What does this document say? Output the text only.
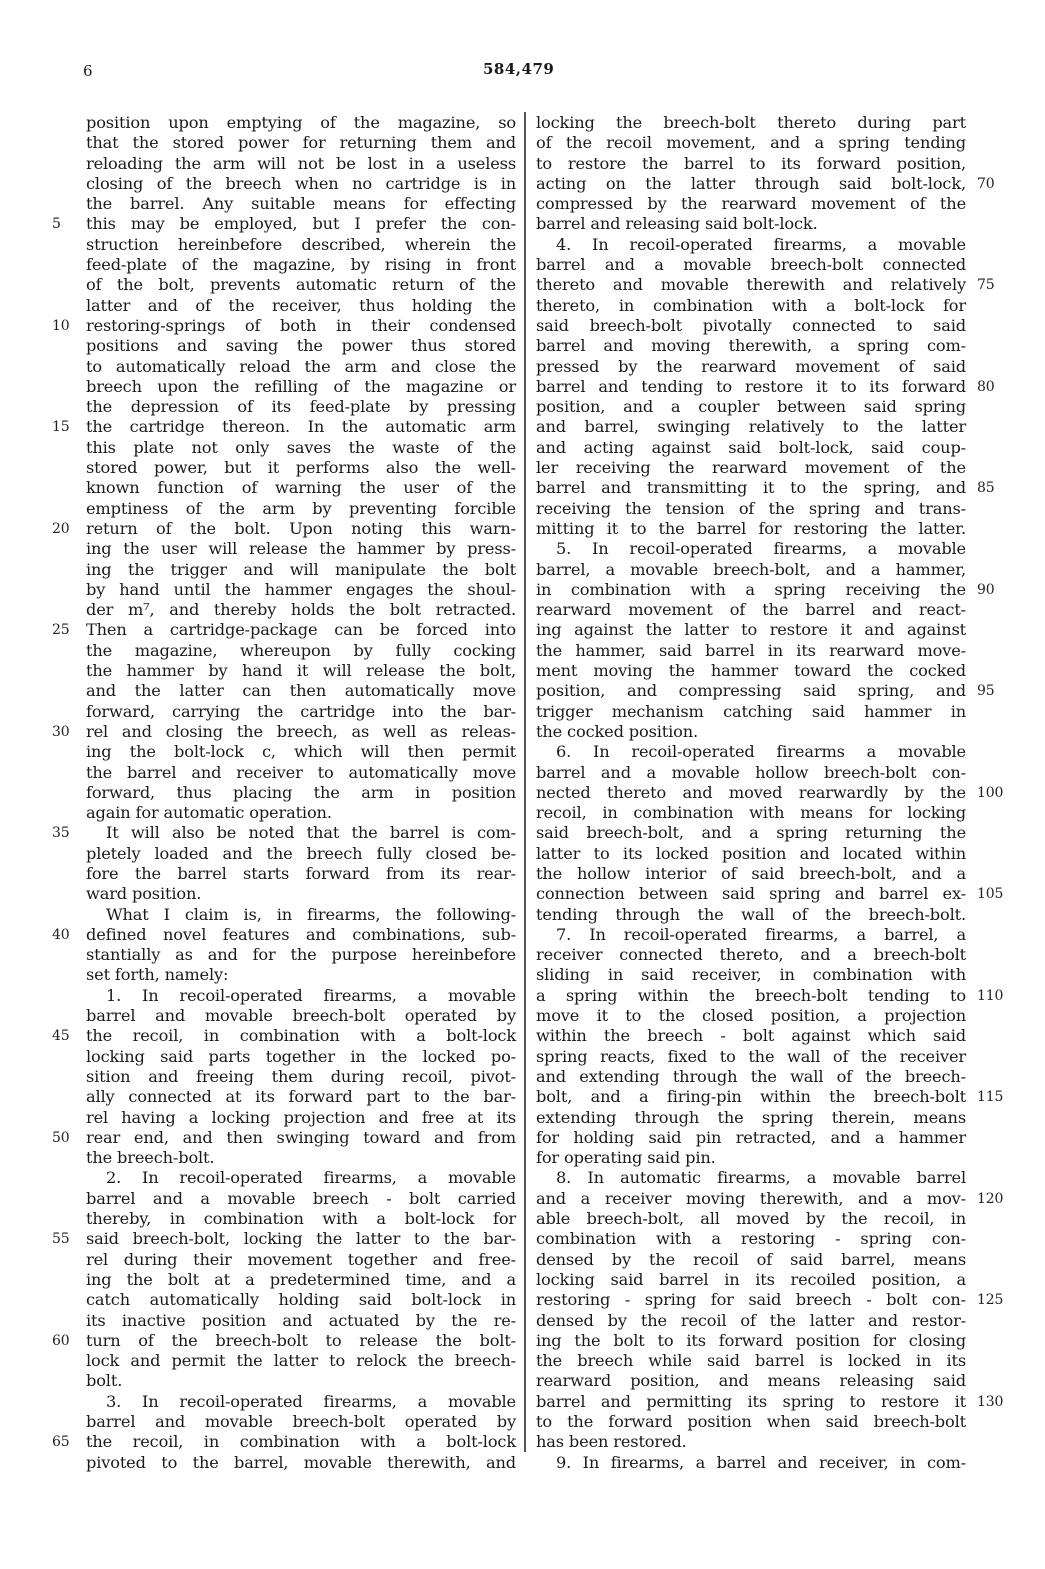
6	584,479
position upon emptying of the magazine, so
that the stored power for returning them and
reloading the arm will not be lost in a useless
closing of the breech when no cartridge is in
the barrel. Any suitable means for effecting
5	this may be employed, but I prefer the con-
struction hereinbefore described, wherein the
feed-plate of the magazine, by rising in front
of the bolt, prevents automatic return of the
latter and of the receiver, thus holding the
10	restoring-springs of both in their condensed
positions and saving the power thus stored
to automatically reload the arm and close the
breech upon the refilling of the magazine or
the depression of its feed-plate by pressing
15	the cartridge thereon. In the automatic arm
this plate not only saves the waste of the
stored power, but it performs also the well-
known function of warning the user of the
emptiness of the arm by preventing forcible
20	return of the bolt. Upon noting this warn-
ing the user will release the hammer by press-
ing the trigger and will manipulate the bolt
by hand until the hammer engages the shoul-
der m⁷, and thereby holds the bolt retracted.
25	Then a cartridge-package can be forced into
the magazine, whereupon by fully cocking
the hammer by hand it will release the bolt,
and the latter can then automatically move
forward, carrying the cartridge into the bar-
30	rel and closing the breech, as well as releas-
ing the bolt-lock c, which will then permit
the barrel and receiver to automatically move
forward, thus placing the arm in position
again for automatic operation.
35	It will also be noted that the barrel is com-
pletely loaded and the breech fully closed be-
fore the barrel starts forward from its rear-
ward position.
What I claim is, in firearms, the following-
40	defined novel features and combinations, sub-
stantially as and for the purpose hereinbefore
set forth, namely:
1. In recoil-operated firearms, a movable
barrel and movable breech-bolt operated by
45	the recoil, in combination with a bolt-lock
locking said parts together in the locked po-
sition and freeing them during recoil, pivot-
ally connected at its forward part to the bar-
rel having a locking projection and free at its
50	rear end, and then swinging toward and from
the breech-bolt.
2. In recoil-operated firearms, a movable
barrel and a movable breech - bolt carried
thereby, in combination with a bolt-lock for
55	said breech-bolt, locking the latter to the bar-
rel during their movement together and free-
ing the bolt at a predetermined time, and a
catch automatically holding said bolt-lock in
its inactive position and actuated by the re-
60	turn of the breech-bolt to release the bolt-
lock and permit the latter to relock the breech-
bolt.
3. In recoil-operated firearms, a movable
barrel and movable breech-bolt operated by
65	the recoil, in combination with a bolt-lock
pivoted to the barrel, movable therewith, and
locking the breech-bolt thereto during part
of the recoil movement, and a spring tending
to restore the barrel to its forward position,
70
acting on the latter through said bolt-lock,
compressed by the rearward movement of the
barrel and releasing said bolt-lock.
4. In recoil-operated firearms, a movable
barrel and a movable breech-bolt connected
75
thereto and movable therewith and relatively
thereto, in combination with a bolt-lock for
said breech-bolt pivotally connected to said
barrel and moving therewith, a spring com-
pressed by the rearward movement of said
80
barrel and tending to restore it to its forward
position, and a coupler between said spring
and barrel, swinging relatively to the latter
and acting against said bolt-lock, said coup-
ler receiving the rearward movement of the
85
barrel and transmitting it to the spring, and
receiving the tension of the spring and trans-
mitting it to the barrel for restoring the latter.
5. In recoil-operated firearms, a movable
barrel, a movable breech-bolt, and a hammer,
90
in combination with a spring receiving the
rearward movement of the barrel and react-
ing against the latter to restore it and against
the hammer, said barrel in its rearward move-
ment moving the hammer toward the cocked
95
position, and compressing said spring, and
trigger mechanism catching said hammer in
the cocked position.
6. In recoil-operated firearms a movable
barrel and a movable hollow breech-bolt con-
100
nected thereto and moved rearwardly by the
recoil, in combination with means for locking
said breech-bolt, and a spring returning the
latter to its locked position and located within
the hollow interior of said breech-bolt, and a
105
connection between said spring and barrel ex-
tending through the wall of the breech-bolt.
7. In recoil-operated firearms, a barrel, a
receiver connected thereto, and a breech-bolt
sliding in said receiver, in combination with
110
a spring within the breech-bolt tending to
move it to the closed position, a projection
within the breech - bolt against which said
spring reacts, fixed to the wall of the receiver
and extending through the wall of the breech-
115
bolt, and a firing-pin within the breech-bolt
extending through the spring therein, means
for holding said pin retracted, and a hammer
for operating said pin.
8. In automatic firearms, a movable barrel
120
and a receiver moving therewith, and a mov-
able breech-bolt, all moved by the recoil, in
combination with a restoring - spring con-
densed by the recoil of said barrel, means
locking said barrel in its recoiled position, a
125
restoring - spring for said breech - bolt con-
densed by the recoil of the latter and restor-
ing the bolt to its forward position for closing
the breech while said barrel is locked in its
rearward position, and means releasing said
130
barrel and permitting its spring to restore it
to the forward position when said breech-bolt
has been restored.
9. In firearms, a barrel and receiver, in com-
